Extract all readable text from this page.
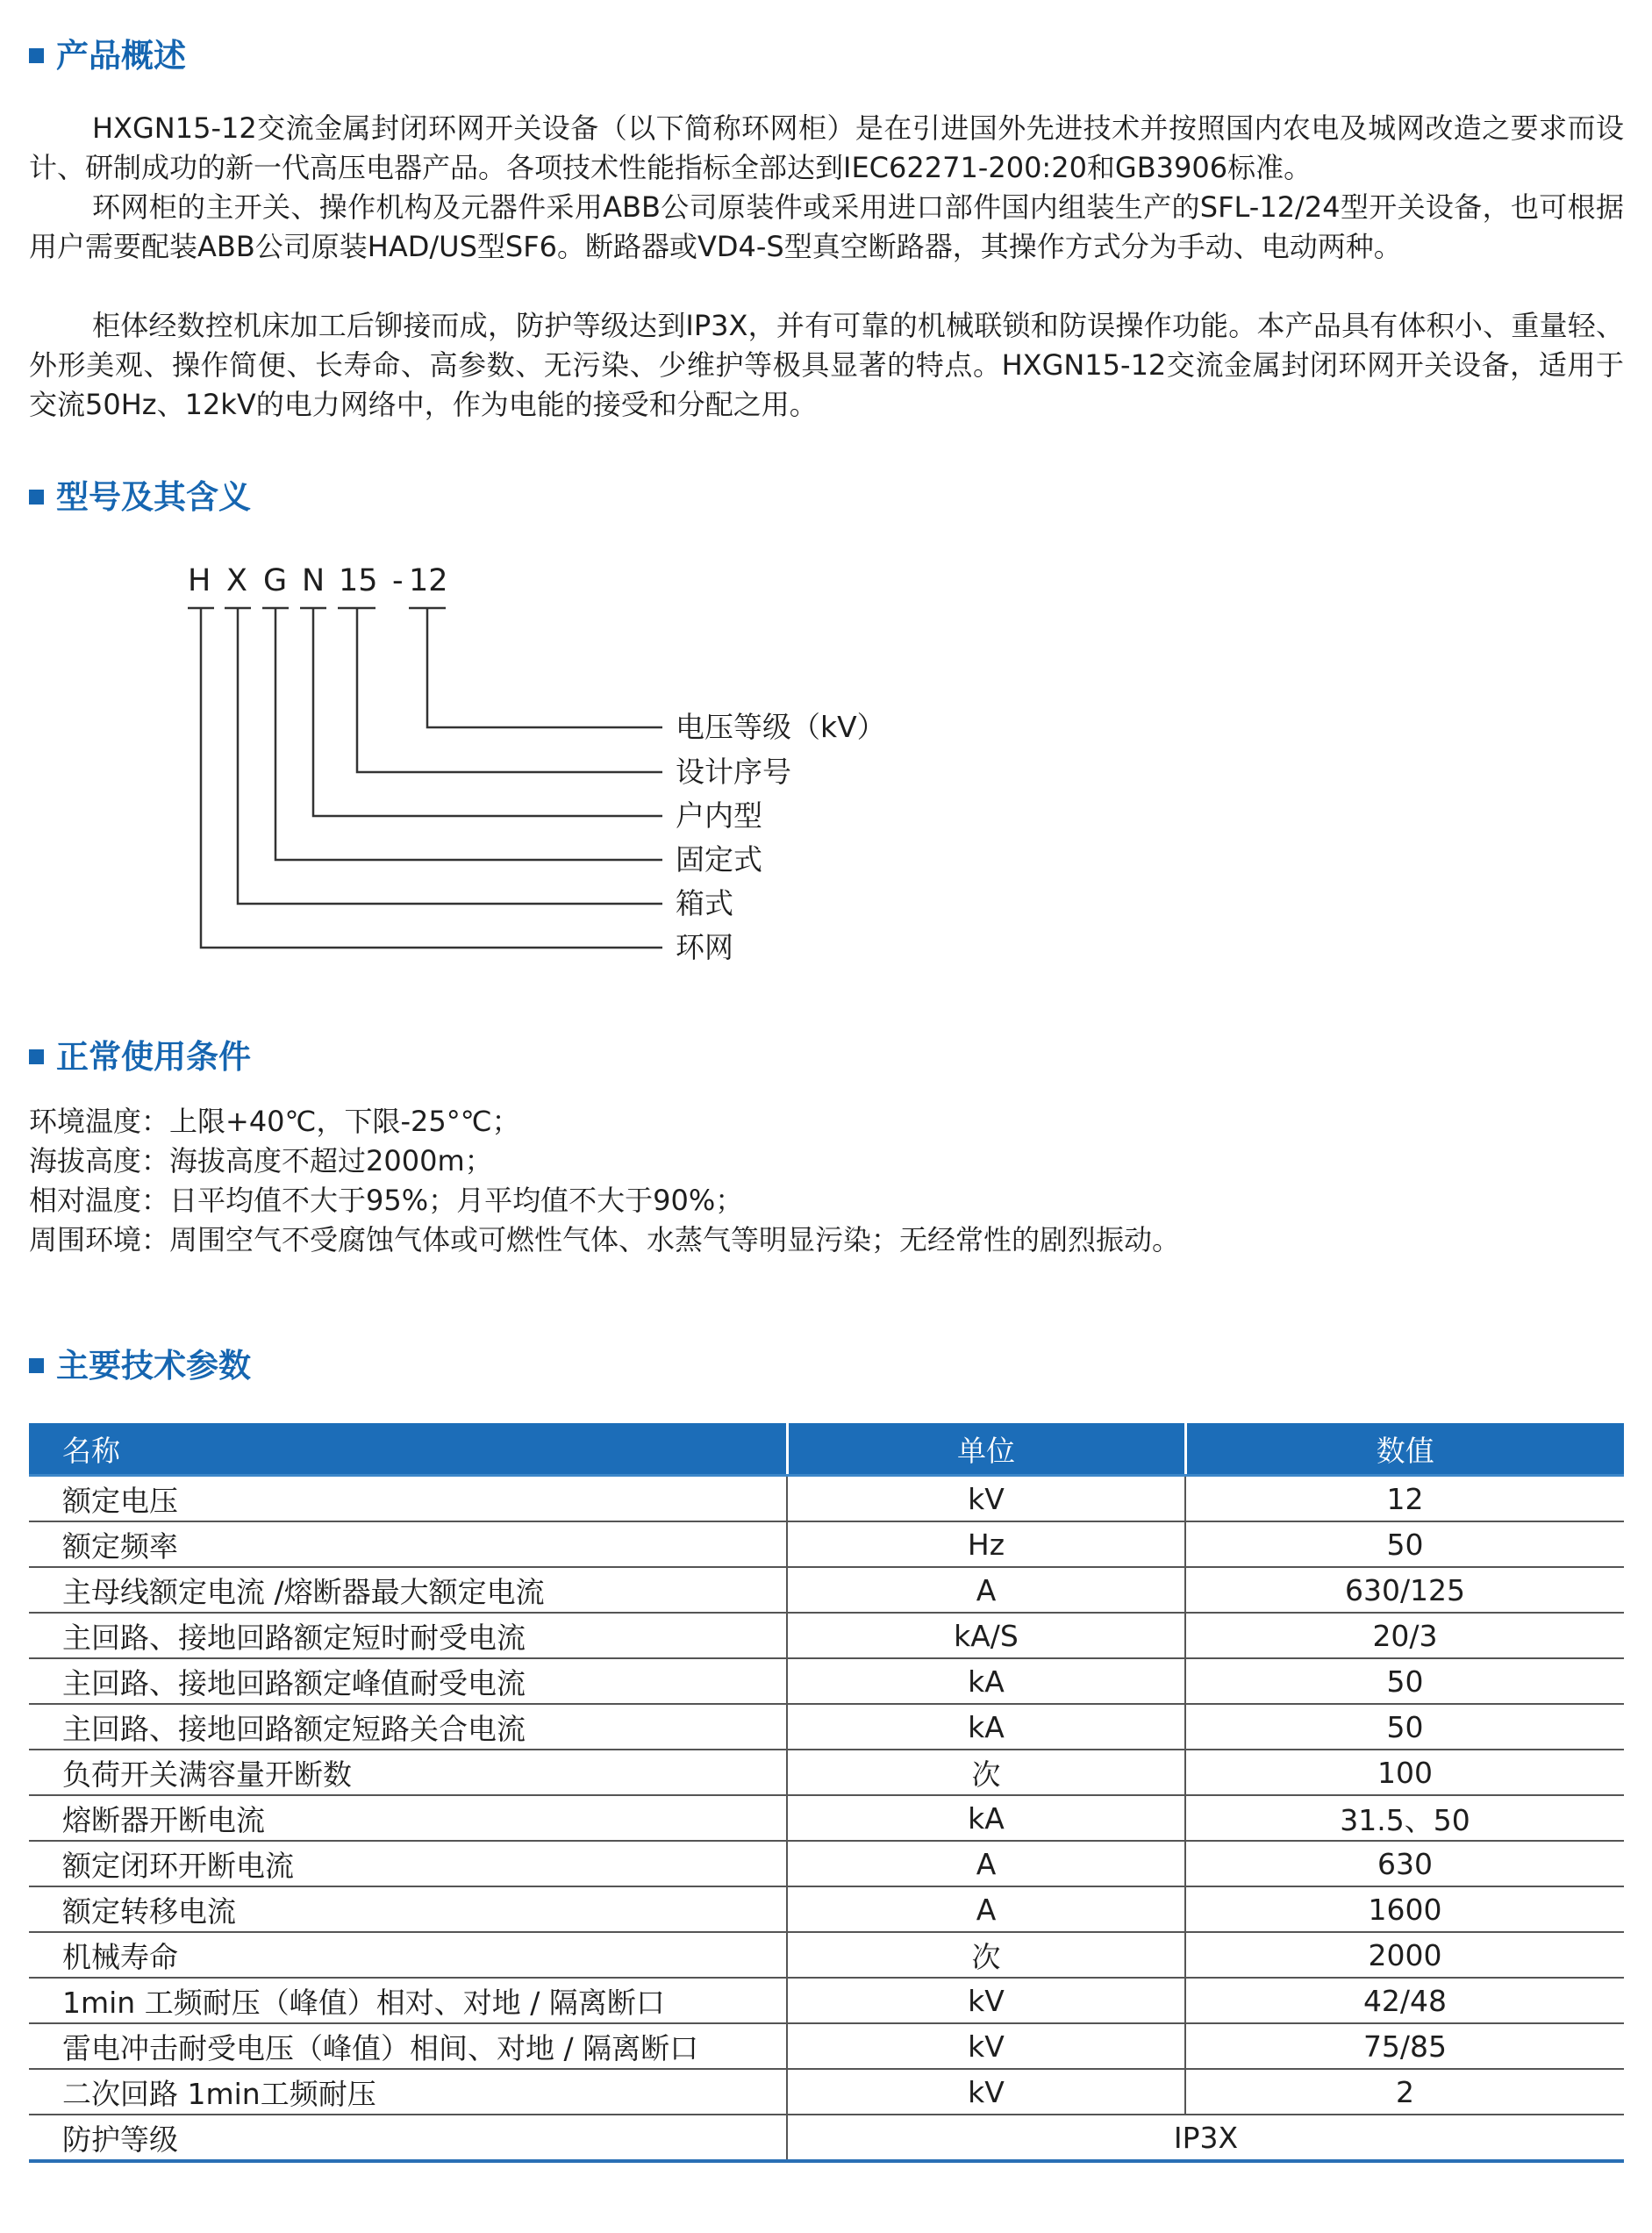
产品概述
HXGN15-12交流金属封闭环网开关设备（以下简称环网柜）是在引进国外先进技术并按照国内农电及城网改造之要求而设计、研制成功的新一代高压电器产品。各项技术性能指标全部达到IEC62271-200:20和GB3906标准。
环网柜的主开关、操作机构及元器件采用ABB公司原装件或采用进口部件国内组装生产的SFL-12/24型开关设备，也可根据用户需要配装ABB公司原装HAD/US型SF6。断路器或VD4-S型真空断路器，其操作方式分为手动、电动两种。
柜体经数控机床加工后铆接而成，防护等级达到IP3X，并有可靠的机械联锁和防误操作功能。本产品具有体积小、重量轻、外形美观、操作简便、长寿命、高参数、无污染、少维护等极具显著的特点。HXGN15-12交流金属封闭环网开关设备，适用于交流50Hz、12kV的电力网络中，作为电能的接受和分配之用。
型号及其含义
H X G N 15 - 12
电压等级（kV）
设计序号
户内型
固定式
箱式
环网
正常使用条件
环境温度：上限+40℃，下限-25°℃；
海拔高度：海拔高度不超过2000m；
相对温度：日平均值不大于95%；月平均值不大于90%；
周围环境：周围空气不受腐蚀气体或可燃性气体、水蒸气等明显污染；无经常性的剧烈振动。
主要技术参数
名称	单位	数值
额定电压	kV	12
额定频率	Hz	50
主母线额定电流 /熔断器最大额定电流	A	630/125
主回路、接地回路额定短时耐受电流	kA/S	20/3
主回路、接地回路额定峰值耐受电流	kA	50
主回路、接地回路额定短路关合电流	kA	50
负荷开关满容量开断数	次	100
熔断器开断电流	kA	31.5、50
额定闭环开断电流	A	630
额定转移电流	A	1600
机械寿命	次	2000
1min 工频耐压（峰值）相对、对地 / 隔离断口	kV	42/48
雷电冲击耐受电压（峰值）相间、对地 / 隔离断口	kV	75/85
二次回路 1min工频耐压	kV	2
防护等级	IP3X	
